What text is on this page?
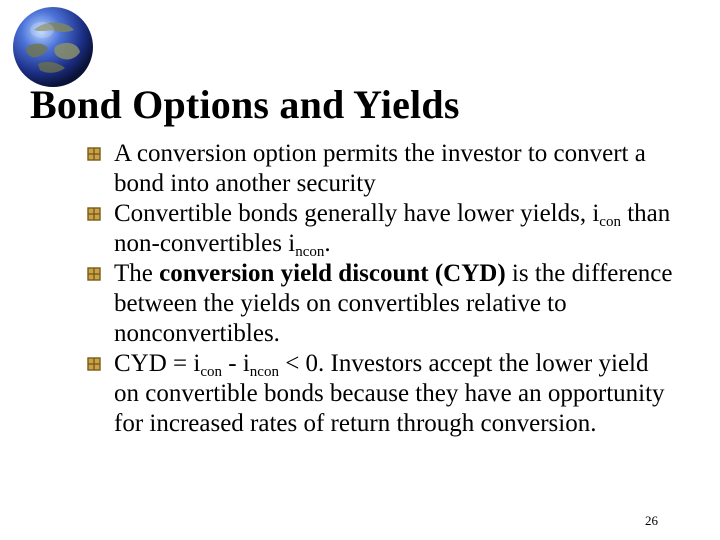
Bond Options and Yields
A conversion option permits the investor to convert a bond into another security
Convertible bonds generally have lower yields, $i_{con}$ than non-convertibles $i_{ncon}$.
The conversion yield discount (CYD) is the difference between the yields on convertibles relative to nonconvertibles.
CYD = $i_{con} - i_{ncon} < 0$. Investors accept the lower yield on convertible bonds because they have an opportunity for increased rates of return through conversion.
26
